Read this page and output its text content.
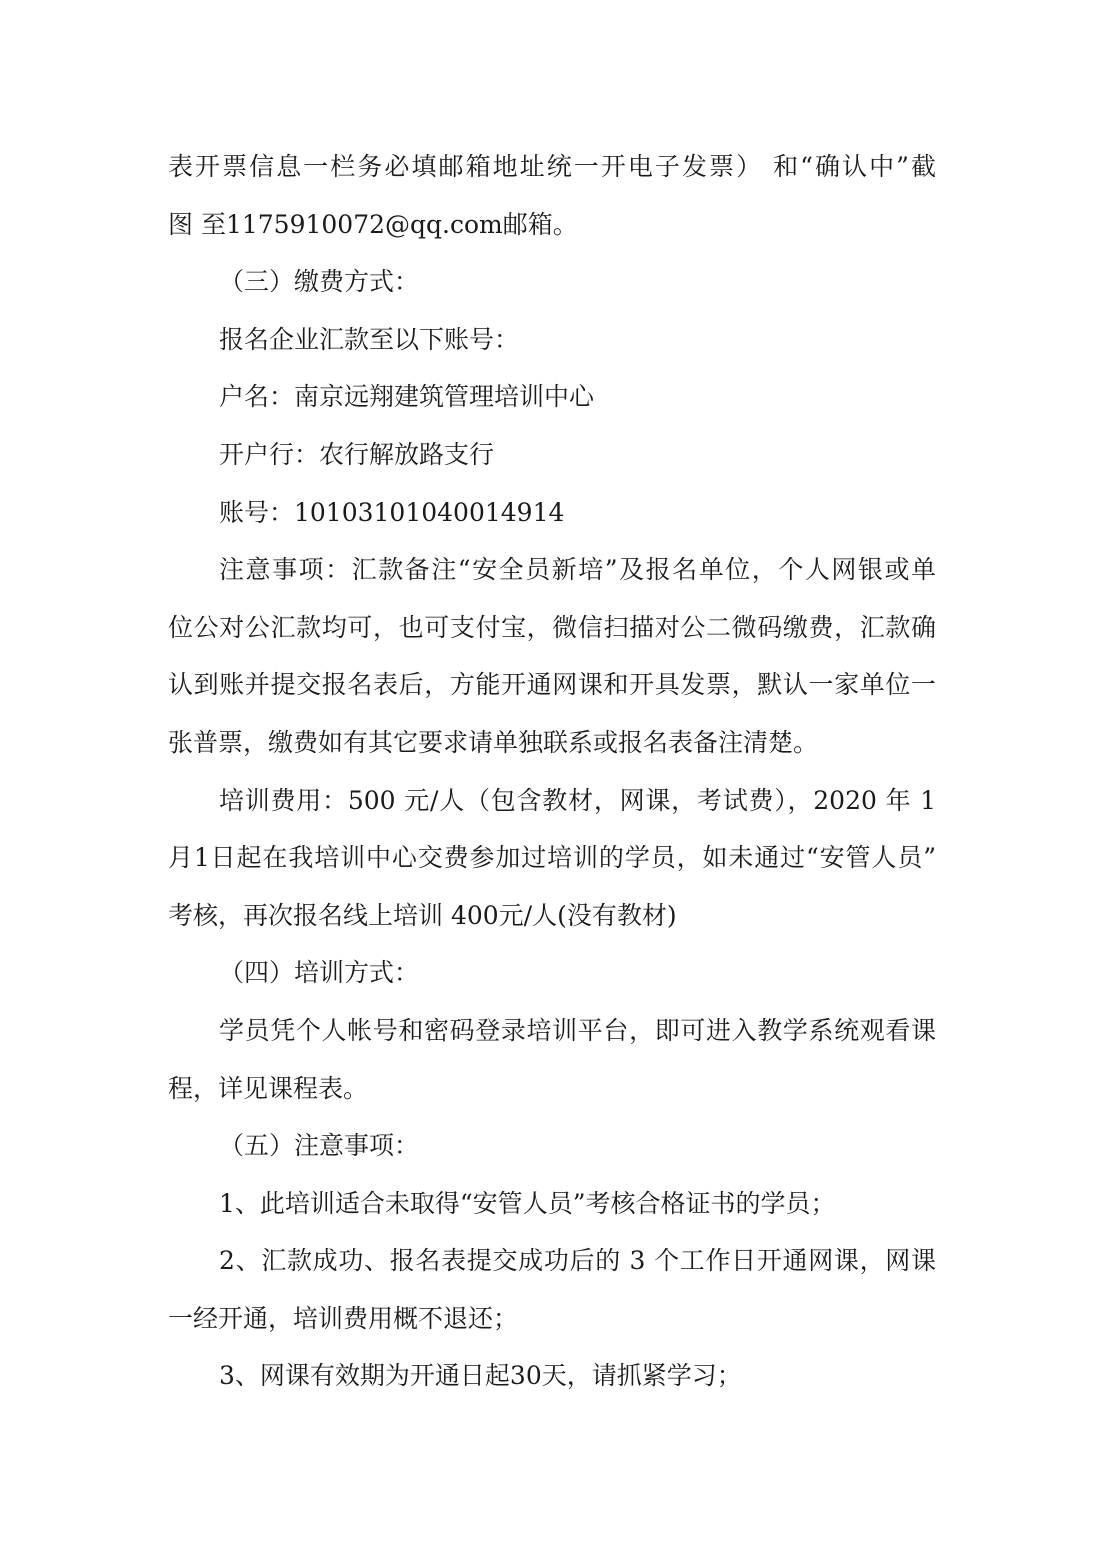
表开票信息一栏务必填邮箱地址统一开电子发票） 和“确认中”截
图 至1175910072@qq.com邮箱。
（三）缴费方式：
报名企业汇款至以下账号：
户名：南京远翔建筑管理培训中心
开户行：农行解放路支行
账号：10103101040014914
注意事项：汇款备注“安全员新培”及报名单位，个人网银或单
位公对公汇款均可，也可支付宝，微信扫描对公二微码缴费，汇款确
认到账并提交报名表后，方能开通网课和开具发票，默认一家单位一
张普票，缴费如有其它要求请单独联系或报名表备注清楚。
培训费用：500 元/人（包含教材，网课，考试费），2020 年 1
月1日起在我培训中心交费参加过培训的学员，如未通过“安管人员”
考核，再次报名线上培训 400元/人(没有教材)
（四）培训方式：
学员凭个人帐号和密码登录培训平台，即可进入教学系统观看课
程，详见课程表。
（五）注意事项：
1、此培训适合未取得“安管人员”考核合格证书的学员；
2、汇款成功、报名表提交成功后的 3 个工作日开通网课，网课
一经开通，培训费用概不退还；
3、网课有效期为开通日起30天，请抓紧学习；
